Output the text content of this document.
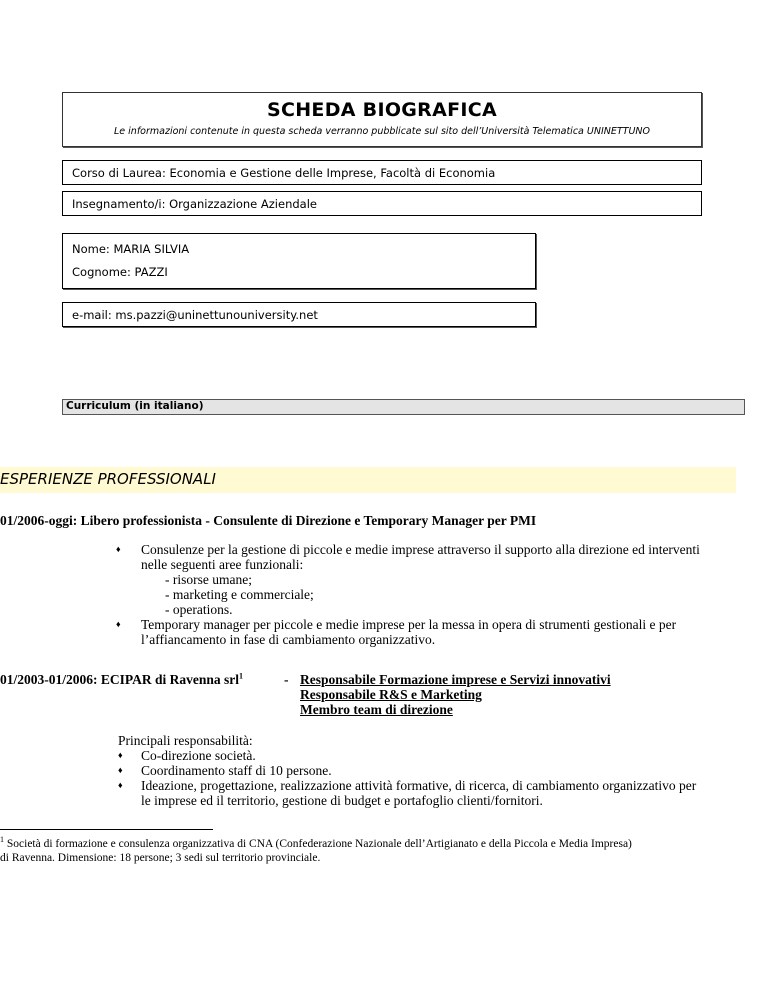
SCHEDA BIOGRAFICA
Le informazioni contenute in questa scheda verranno pubblicate sul sito dell’Università Telematica UNINETTUNO
Corso di Laurea: Economia e Gestione delle Imprese, Facoltà di Economia
Insegnamento/i: Organizzazione Aziendale
Nome: MARIA SILVIA
Cognome: PAZZI
e-mail: ms.pazzi@uninettunouniversity.net
Curriculum (in italiano)
ESPERIENZE PROFESSIONALI
01/2006-oggi: Libero professionista - Consulente di Direzione e Temporary Manager per PMI
♦ Consulenze per la gestione di piccole e medie imprese attraverso il supporto alla direzione ed interventi
nelle seguenti aree funzionali:
- risorse umane;
- marketing e commerciale;
- operations.
♦ Temporary manager per piccole e medie imprese per la messa in opera di strumenti gestionali e per
l’affiancamento in fase di cambiamento organizzativo.
01/2003-01/2006: ECIPAR di Ravenna srl$^1$	- Responsabile Formazione imprese e Servizi innovativi
Responsabile R&S e Marketing
Membro team di direzione
Principali responsabilità:
♦ Co-direzione società.
♦ Coordinamento staff di 10 persone.
♦ Ideazione, progettazione, realizzazione attività formative, di ricerca, di cambiamento organizzativo per
le imprese ed il territorio, gestione di budget e portafoglio clienti/fornitori.
$^1$ Società di formazione e consulenza organizzativa di CNA (Confederazione Nazionale dell’Artigianato e della Piccola e Media Impresa)
di Ravenna. Dimensione: 18 persone; 3 sedi sul territorio provinciale.
